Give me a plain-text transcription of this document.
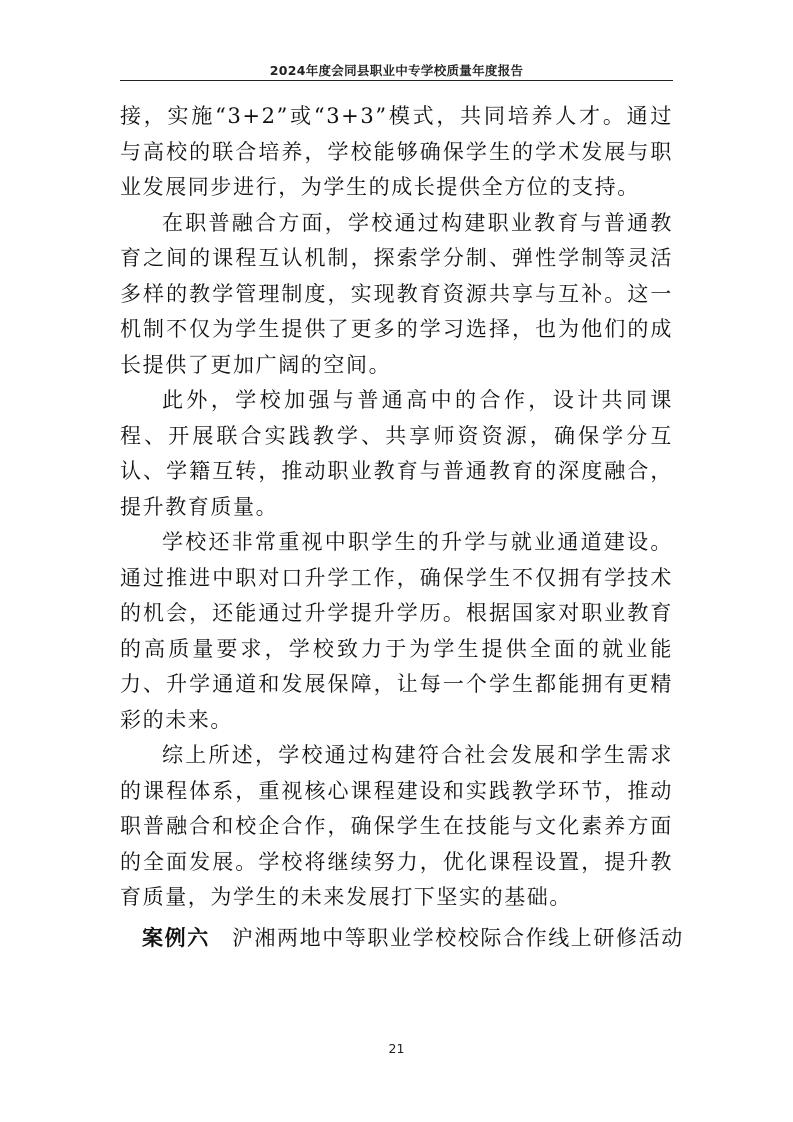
2024年度会同县职业中专学校质量年度报告

接，实施“3+2”或“3+3”模式，共同培养人才。通过与高校的联合培养，学校能够确保学生的学术发展与职业发展同步进行，为学生的成长提供全方位的支持。

在职普融合方面，学校通过构建职业教育与普通教育之间的课程互认机制，探索学分制、弹性学制等灵活多样的教学管理制度，实现教育资源共享与互补。这一机制不仅为学生提供了更多的学习选择，也为他们的成长提供了更加广阔的空间。

此外，学校加强与普通高中的合作，设计共同课程、开展联合实践教学、共享师资资源，确保学分互认、学籍互转，推动职业教育与普通教育的深度融合，提升教育质量。

学校还非常重视中职学生的升学与就业通道建设。通过推进中职对口升学工作，确保学生不仅拥有学技术的机会，还能通过升学提升学历。根据国家对职业教育的高质量要求，学校致力于为学生提供全面的就业能力、升学通道和发展保障，让每一个学生都能拥有更精彩的未来。

综上所述，学校通过构建符合社会发展和学生需求的课程体系，重视核心课程建设和实践教学环节，推动职普融合和校企合作，确保学生在技能与文化素养方面的全面发展。学校将继续努力，优化课程设置，提升教育质量，为学生的未来发展打下坚实的基础。

案例六 沪湘两地中等职业学校校际合作线上研修活动
21
